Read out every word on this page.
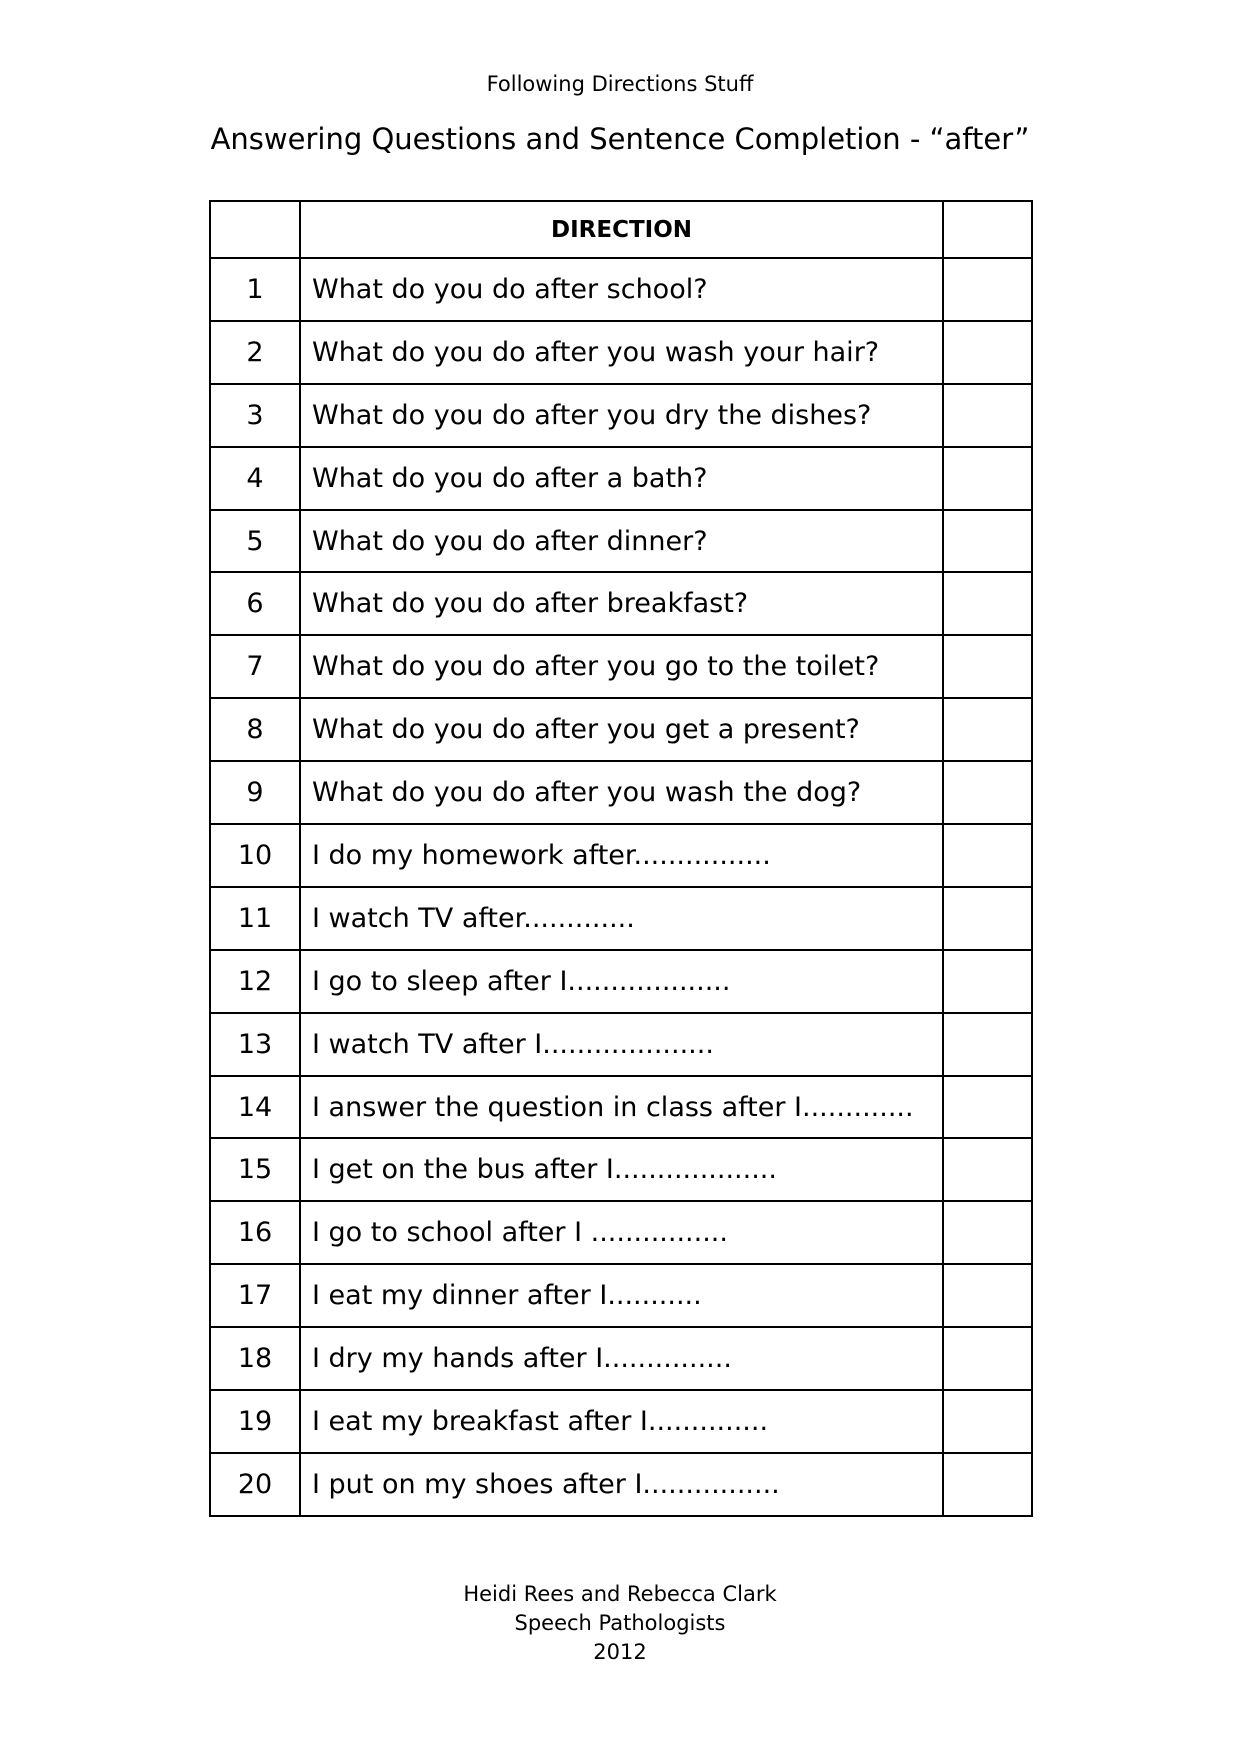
Following Directions Stuff
Answering Questions and Sentence Completion - “after”
	DIRECTION	
1	What do you do after school?	
2	What do you do after you wash your hair?	
3	What do you do after you dry the dishes?	
4	What do you do after a bath?	
5	What do you do after dinner?	
6	What do you do after breakfast?	
7	What do you do after you go to the toilet?	
8	What do you do after you get a present?	
9	What do you do after you wash the dog?	
10	I do my homework after................	
11	I watch TV after.............	
12	I go to sleep after I...................	
13	I watch TV after I....................	
14	I answer the question in class after I.............	
15	I get on the bus after I...................	
16	I go to school after I ................	
17	I eat my dinner after I...........	
18	I dry my hands after I...............	
19	I eat my breakfast after I..............	
20	I put on my shoes after I................	
Heidi Rees and Rebecca Clark
Speech Pathologists
2012
